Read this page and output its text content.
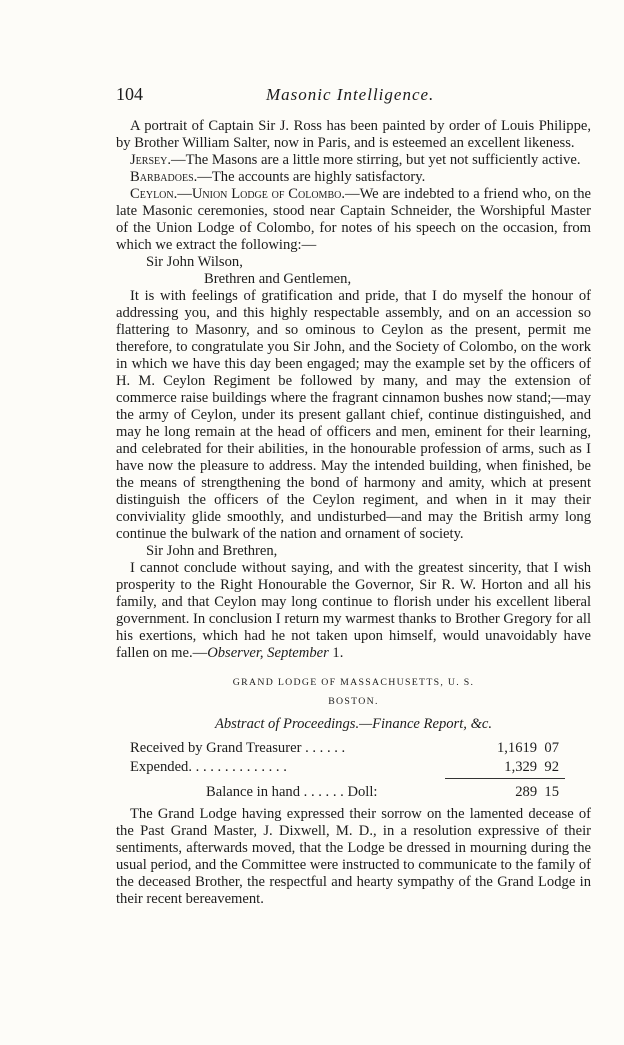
104	Masonic Intelligence.

A portrait of Captain Sir J. Ross has been painted by order of Louis Philippe, by Brother William Salter, now in Paris, and is esteemed an excellent likeness.

Jersey.—The Masons are a little more stirring, but yet not sufficiently active.

Barbadoes.—The accounts are highly satisfactory.

Ceylon.—Union Lodge of Colombo.—We are indebted to a friend who, on the late Masonic ceremonies, stood near Captain Schneider, the Worshipful Master of the Union Lodge of Colombo, for notes of his speech on the occasion, from which we extract the following:—

Sir John Wilson,

Brethren and Gentlemen,

It is with feelings of gratification and pride, that I do myself the honour of addressing you, and this highly respectable assembly, and on an accession so flattering to Masonry, and so ominous to Ceylon as the present, permit me therefore, to congratulate you Sir John, and the Society of Colombo, on the work in which we have this day been engaged; may the example set by the officers of H. M. Ceylon Regiment be followed by many, and may the extension of commerce raise buildings where the fragrant cinnamon bushes now stand;—may the army of Ceylon, under its present gallant chief, continue distinguished, and may he long remain at the head of officers and men, eminent for their learning, and celebrated for their abilities, in the honourable profession of arms, such as I have now the pleasure to address. May the intended building, when finished, be the means of strengthening the bond of harmony and amity, which at present distinguish the officers of the Ceylon regiment, and when in it may their conviviality glide smoothly, and undisturbed—and may the British army long continue the bulwark of the nation and ornament of society.

Sir John and Brethren,

I cannot conclude without saying, and with the greatest sincerity, that I wish prosperity to the Right Honourable the Governor, Sir R. W. Horton and all his family, and that Ceylon may long continue to florish under his excellent liberal government. In conclusion I return my warmest thanks to Brother Gregory for all his exertions, which had he not taken upon himself, would unavoidably have fallen on me.—Observer, September 1.

GRAND LODGE OF MASSACHUSETTS, U. S.

BOSTON.

Abstract of Proceedings.—Finance Report, &c.

Received by Grand Treasurer . . . . . .	1,1619  07
Expended. . . . . . . . . . . . . .	1,329  92
Balance in hand . . . . . . Doll:	289  15

The Grand Lodge having expressed their sorrow on the lamented decease of the Past Grand Master, J. Dixwell, M. D., in a resolution expressive of their sentiments, afterwards moved, that the Lodge be dressed in mourning during the usual period, and the Committee were instructed to communicate to the family of the deceased Brother, the respectful and hearty sympathy of the Grand Lodge in their recent bereavement.
